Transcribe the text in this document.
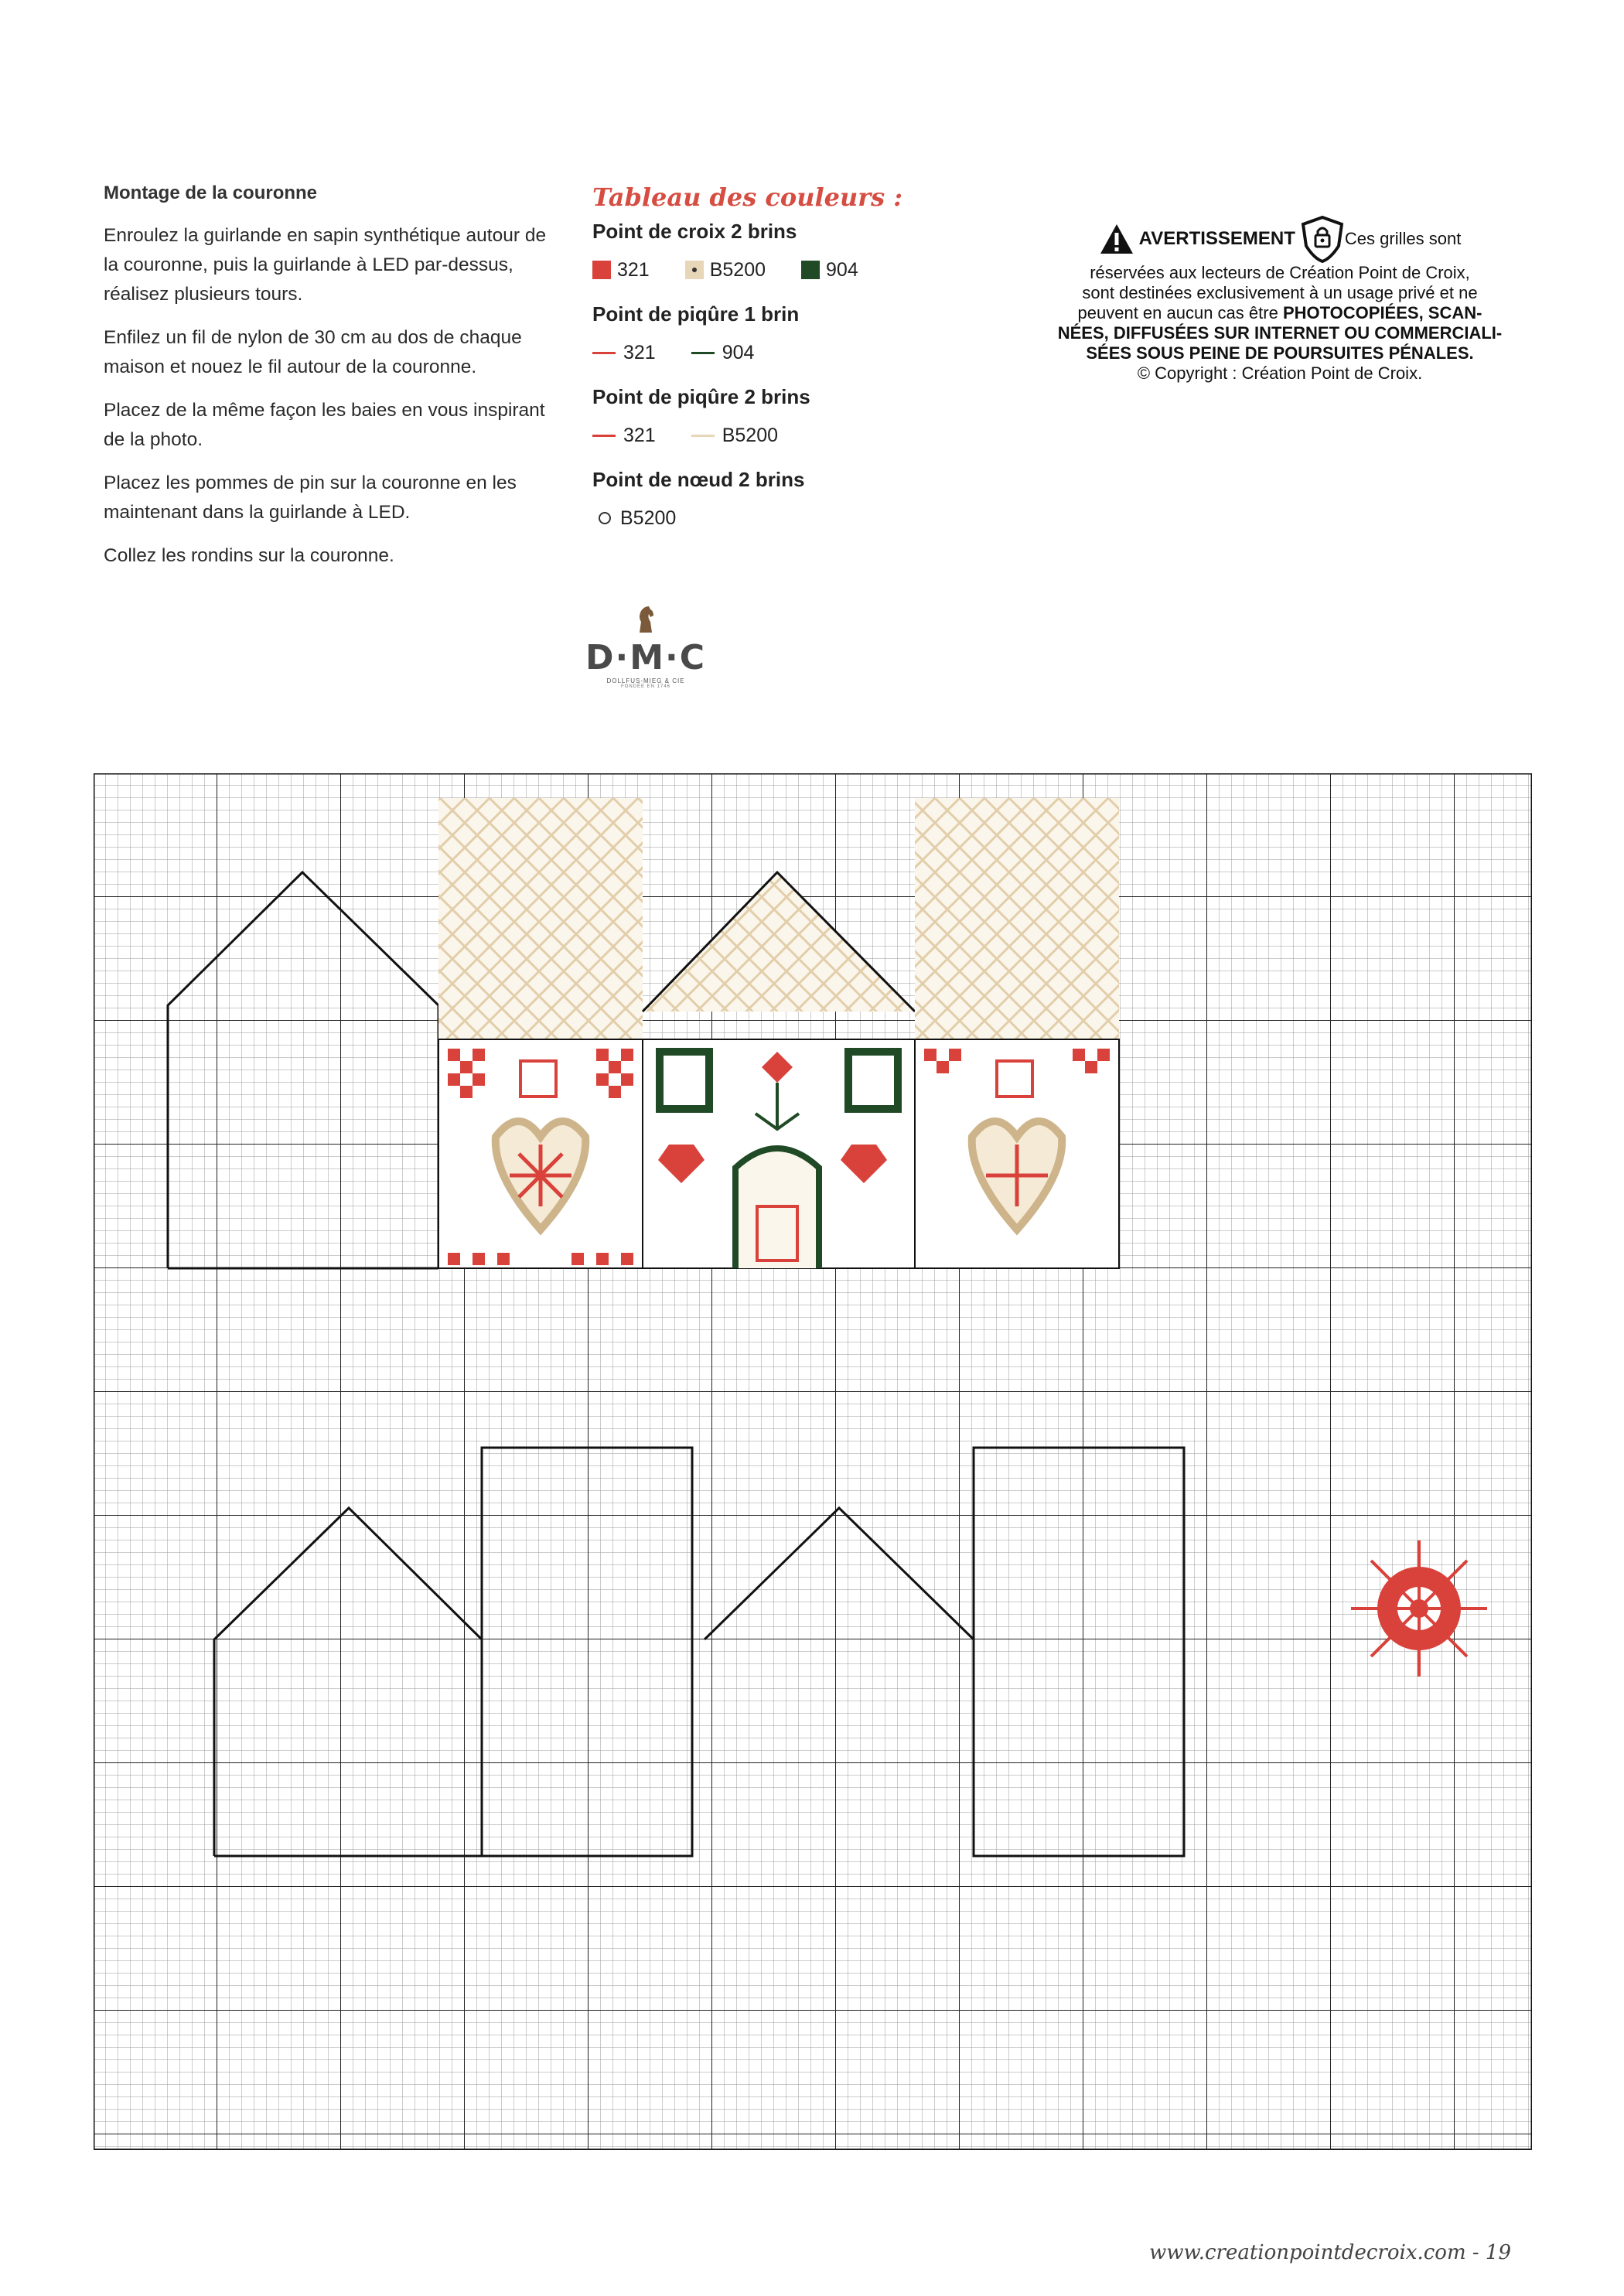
Montage de la couronne

Enroulez la guirlande en sapin synthétique autour de la couronne, puis la guirlande à LED par-dessus, réalisez plusieurs tours.

Enfilez un fil de nylon de 30 cm au dos de chaque maison et nouez le fil autour de la couronne.

Placez de la même façon les baies en vous inspirant de la photo.

Placez les pommes de pin sur la couronne en les maintenant dans la guirlande à LED.

Collez les rondins sur la couronne.

Tableau des couleurs :
Point de croix 2 brins
321	B5200	904
Point de piqûre 1 brin
321	904
Point de piqûre 2 brins
321	B5200
Point de nœud 2 brins
B5200
AVERTISSEMENT	Ces grilles sont

réservées aux lecteurs de Création Point de Croix,

sont destinées exclusivement à un usage privé et ne

peuvent en aucun cas être PHOTOCOPIÉES, SCAN-

NÉES, DIFFUSÉES SUR INTERNET OU COMMERCIALI-

SÉES SOUS PEINE DE POURSUITES PÉNALES.

© Copyright : Création Point de Croix.

D·M·C
DOLLFUS-MIEG & CIE
FONDÉE EN 1746
www.creationpointdecroix.com - 19
